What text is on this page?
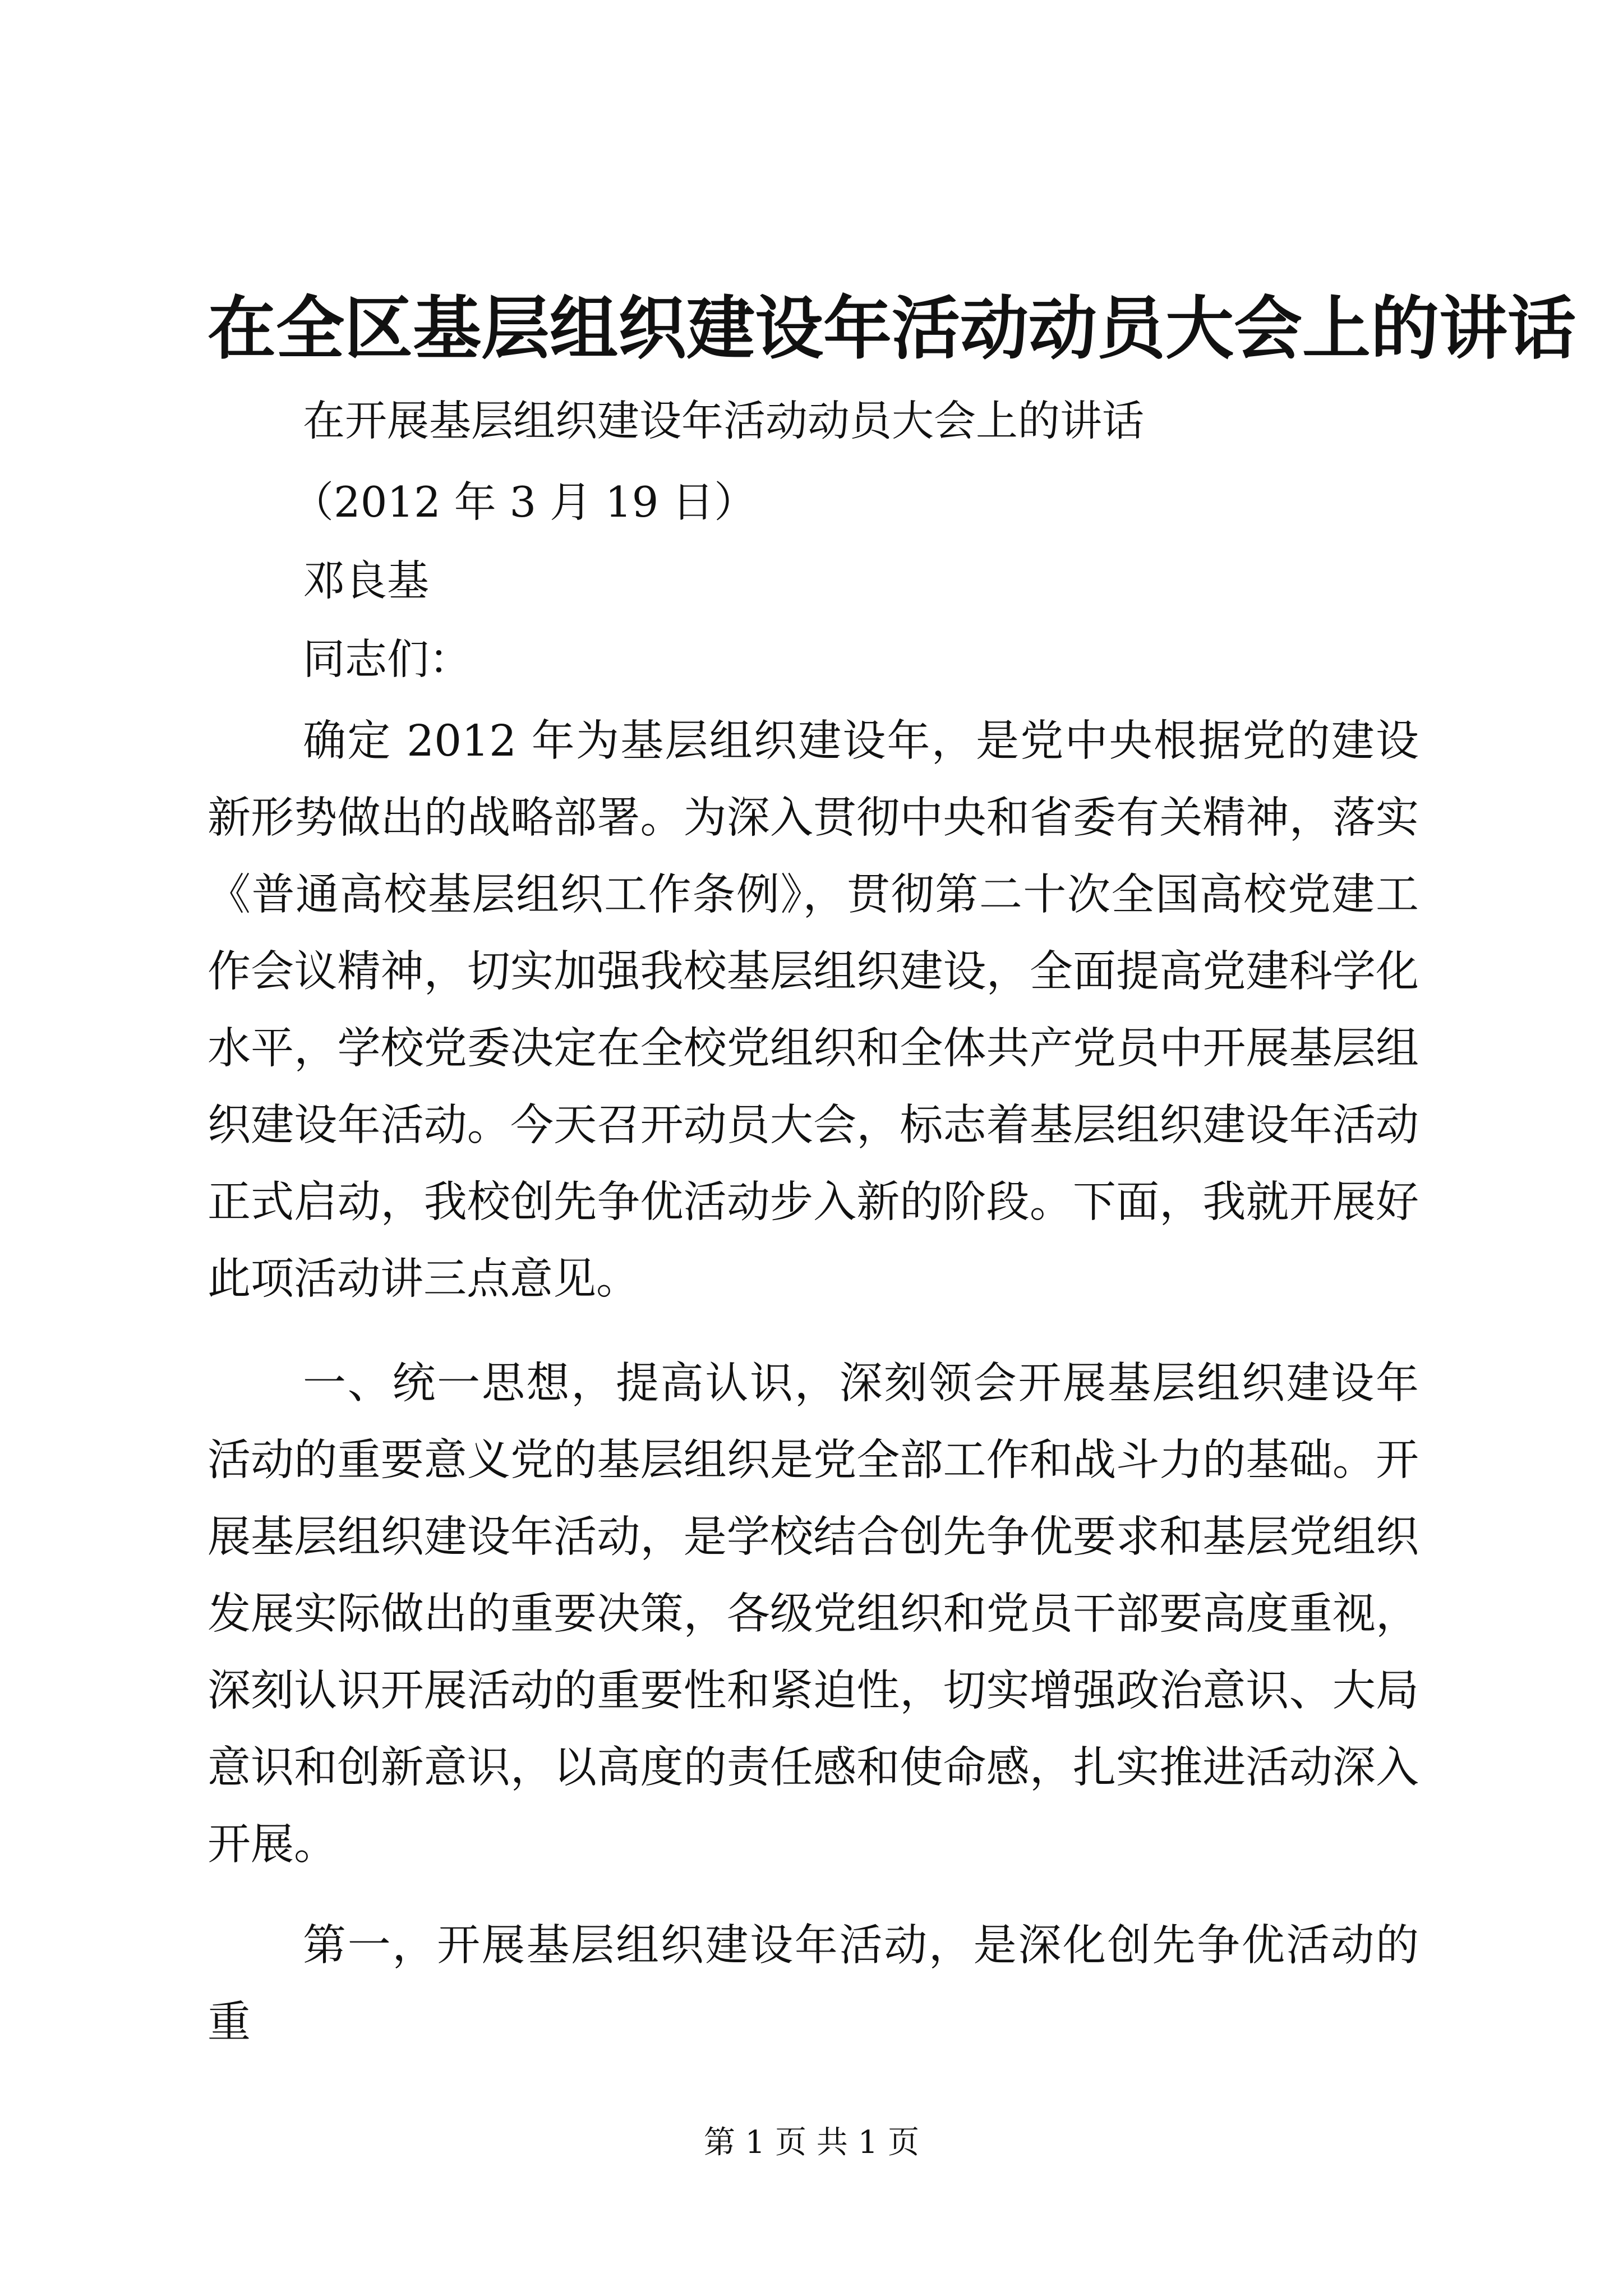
在全区基层组织建设年活动动员大会上的讲话
在开展基层组织建设年活动动员大会上的讲话
（2012 年 3 月 19 日）
邓良基
同志们：

确定 2012 年为基层组织建设年，是党中央根据党的建设新形势做出的战略部署。为深入贯彻中央和省委有关精神，落实《普通高校基层组织工作条例》，贯彻第二十次全国高校党建工作会议精神，切实加强我校基层组织建设，全面提高党建科学化水平，学校党委决定在全校党组织和全体共产党员中开展基层组织建设年活动。今天召开动员大会，标志着基层组织建设年活动正式启动，我校创先争优活动步入新的阶段。下面，我就开展好此项活动讲三点意见。

一、统一思想，提高认识，深刻领会开展基层组织建设年活动的重要意义党的基层组织是党全部工作和战斗力的基础。开展基层组织建设年活动，是学校结合创先争优要求和基层党组织发展实际做出的重要决策，各级党组织和党员干部要高度重视，深刻认识开展活动的重要性和紧迫性，切实增强政治意识、大局意识和创新意识，以高度的责任感和使命感，扎实推进活动深入开展。

第一，开展基层组织建设年活动，是深化创先争优活动的重

第 1 页 共 1 页
